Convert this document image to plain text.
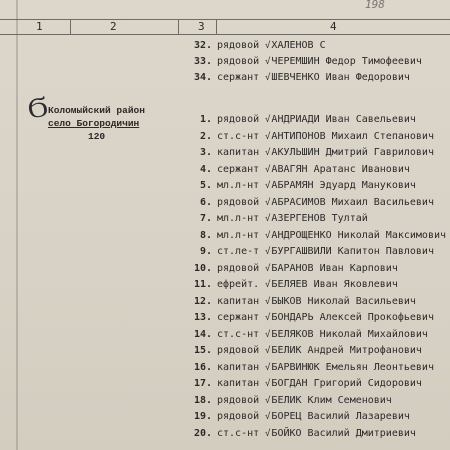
198
1	2	3	4
Ϭ
Коломыйский район
село Богородичин
120
32. рядовой	√ ХАЛЕНОВ С
33. рядовой	√ ЧЕРЕМШИН Федор Тимофеевич
34. сержант	√ ШЕВЧЕНКО Иван Федорович
1. рядовой	√ АНДРИАДИ Иван Савельевич
2. ст.с-нт	√ АНТИПОНОВ Михаил Степанович
3. капитан	√ АКУЛЬШИН Дмитрий Гаврилович
4. сержант	√ АВАГЯН Аратанс Иванович
5. мл.л-нт	√ АБРАМЯН Эдуард Манукович
6. рядовой	√ АБРАСИМОВ Михаил Васильевич
7. мл.л-нт	√ АЗЕРГЕНОВ Тултай
8. мл.л-нт	√ АНДРОЩЕНКО Николай Максимович
9. ст.ле-т	√ БУРГАШВИЛИ Капитон Павлович
10. рядовой	√ БАРАНОВ Иван Карпович
11. ефрейт.	√ БЕЛЯЕВ Иван Яковлевич
12. капитан	√ БЫКОВ Николай Васильевич
13. сержант	√ БОНДАРЬ Алексей Прокофьевич
14. ст.с-нт	√ БЕЛЯКОВ Николай Михайлович
15. рядовой	√ БЕЛИК Андрей Митрофанович
16. капитан	√ БАРВИНЮК Емельян Леонтьевич
17. капитан	√ БОГДАН Григорий Сидорович
18. рядовой	√ БЕЛИК Клим Семенович
19. рядовой	√ БОРЕЦ Василий Лазаревич
20. ст.с-нт	√ БОЙКО Василий Дмитриевич
